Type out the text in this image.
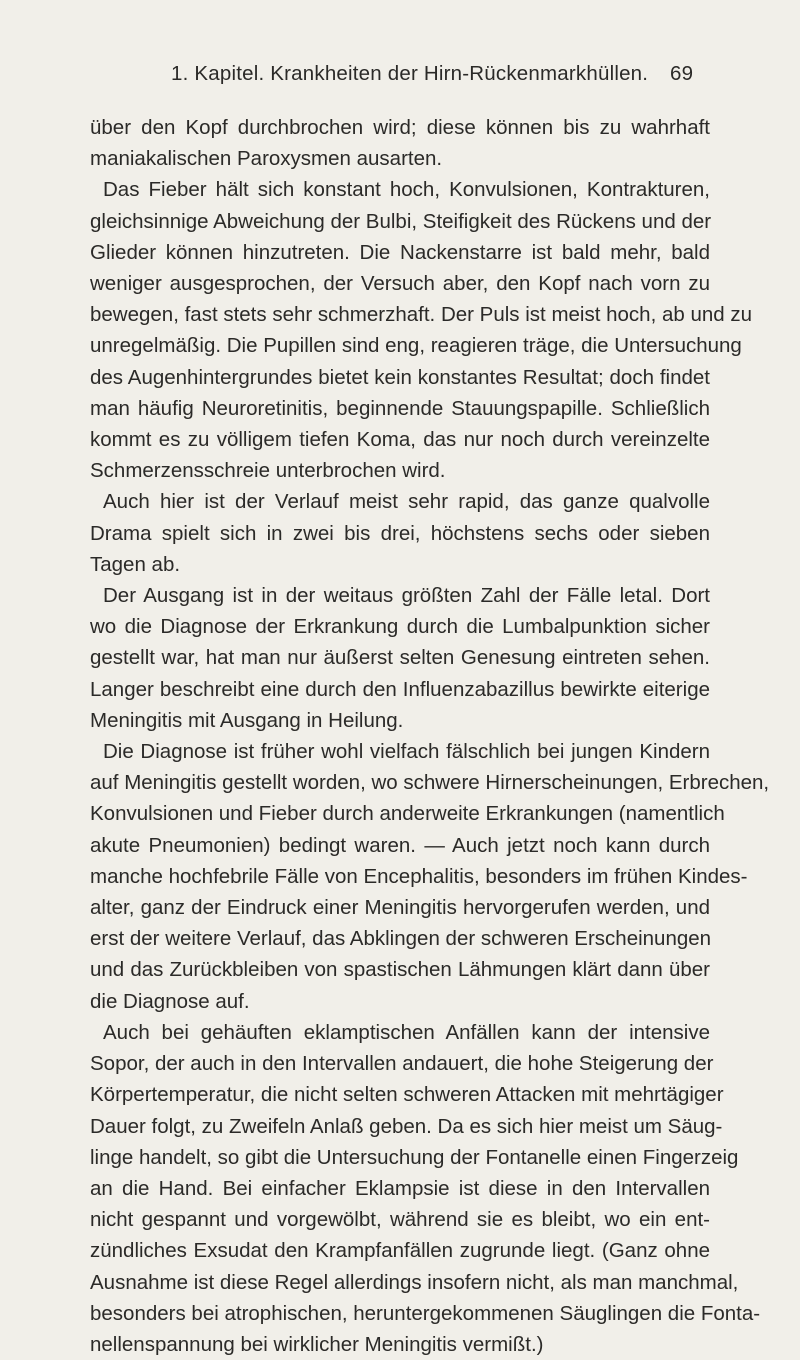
1. Kapitel. Krankheiten der Hirn-Rückenmarkhüllen. 69
über den Kopf durchbrochen wird; diese können bis zu wahrhaft
maniakalischen Paroxysmen ausarten.
Das Fieber hält sich konstant hoch, Konvulsionen, Kontrakturen,
gleichsinnige Abweichung der Bulbi, Steifigkeit des Rückens und der
Glieder können hinzutreten. Die Nackenstarre ist bald mehr, bald
weniger ausgesprochen, der Versuch aber, den Kopf nach vorn zu
bewegen, fast stets sehr schmerzhaft. Der Puls ist meist hoch, ab und zu
unregelmäßig. Die Pupillen sind eng, reagieren träge, die Untersuchung
des Augenhintergrundes bietet kein konstantes Resultat; doch findet
man häufig Neuroretinitis, beginnende Stauungspapille. Schließlich
kommt es zu völligem tiefen Koma, das nur noch durch vereinzelte
Schmerzensschreie unterbrochen wird.
Auch hier ist der Verlauf meist sehr rapid, das ganze qualvolle
Drama spielt sich in zwei bis drei, höchstens sechs oder sieben
Tagen ab.
Der Ausgang ist in der weitaus größten Zahl der Fälle letal. Dort
wo die Diagnose der Erkrankung durch die Lumbalpunktion sicher
gestellt war, hat man nur äußerst selten Genesung eintreten sehen.
Langer beschreibt eine durch den Influenzabazillus bewirkte eiterige
Meningitis mit Ausgang in Heilung.
Die Diagnose ist früher wohl vielfach fälschlich bei jungen Kindern
auf Meningitis gestellt worden, wo schwere Hirnerscheinungen, Erbrechen,
Konvulsionen und Fieber durch anderweite Erkrankungen (namentlich
akute Pneumonien) bedingt waren. — Auch jetzt noch kann durch
manche hochfebrile Fälle von Encephalitis, besonders im frühen Kindes-
alter, ganz der Eindruck einer Meningitis hervorgerufen werden, und
erst der weitere Verlauf, das Abklingen der schweren Erscheinungen
und das Zurückbleiben von spastischen Lähmungen klärt dann über
die Diagnose auf.
Auch bei gehäuften eklamptischen Anfällen kann der intensive
Sopor, der auch in den Intervallen andauert, die hohe Steigerung der
Körpertemperatur, die nicht selten schweren Attacken mit mehrtägiger
Dauer folgt, zu Zweifeln Anlaß geben. Da es sich hier meist um Säug-
linge handelt, so gibt die Untersuchung der Fontanelle einen Fingerzeig
an die Hand. Bei einfacher Eklampsie ist diese in den Intervallen
nicht gespannt und vorgewölbt, während sie es bleibt, wo ein ent-
zündliches Exsudat den Krampfanfällen zugrunde liegt. (Ganz ohne
Ausnahme ist diese Regel allerdings insofern nicht, als man manchmal,
besonders bei atrophischen, heruntergekommenen Säuglingen die Fonta-
nellenspannung bei wirklicher Meningitis vermißt.)
